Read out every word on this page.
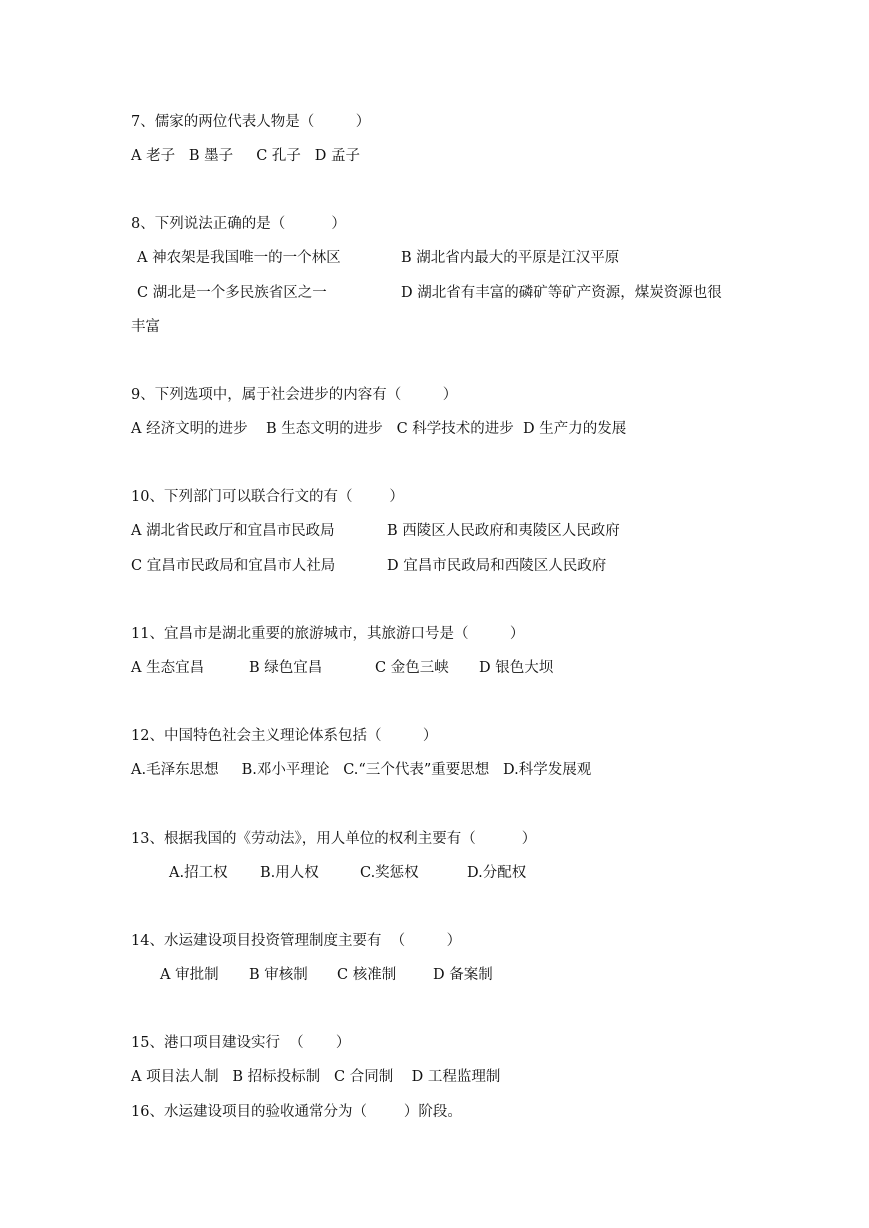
7、儒家的两位代表人物是（         ）
A 老子   B 墨子     C 孔子   D 孟子
8、下列说法正确的是（          ）
A 神农架是我国唯一的一个林区	B 湖北省内最大的平原是江汉平原
C 湖北是一个多民族省区之一	D 湖北省有丰富的磷矿等矿产资源，煤炭资源也很
丰富
9、下列选项中，属于社会进步的内容有（         ）
A 经济文明的进步    B 生态文明的进步   C 科学技术的进步  D 生产力的发展
10、下列部门可以联合行文的有（        ）
A 湖北省民政厅和宜昌市民政局	B 西陵区人民政府和夷陵区人民政府
C 宜昌市民政局和宜昌市人社局	D 宜昌市民政局和西陵区人民政府
11、宜昌市是湖北重要的旅游城市，其旅游口号是（         ）
A 生态宜昌	B 绿色宜昌	C 金色三峡 D 银色大坝
12、中国特色社会主义理论体系包括（         ）
A.毛泽东思想     B.邓小平理论   C.“三个代表”重要思想   D.科学发展观
13、根据我国的《劳动法》，用人单位的权利主要有（          ）
A.招工权 B.用人权	C.奖惩权	D.分配权
14、水运建设项目投资管理制度主要有  （         ）
A 审批制 B 审核制 C 核准制	D 备案制
15、港口项目建设实行  （       ）
A 项目法人制   B 招标投标制   C 合同制    D 工程监理制
16、水运建设项目的验收通常分为（        ）阶段。
